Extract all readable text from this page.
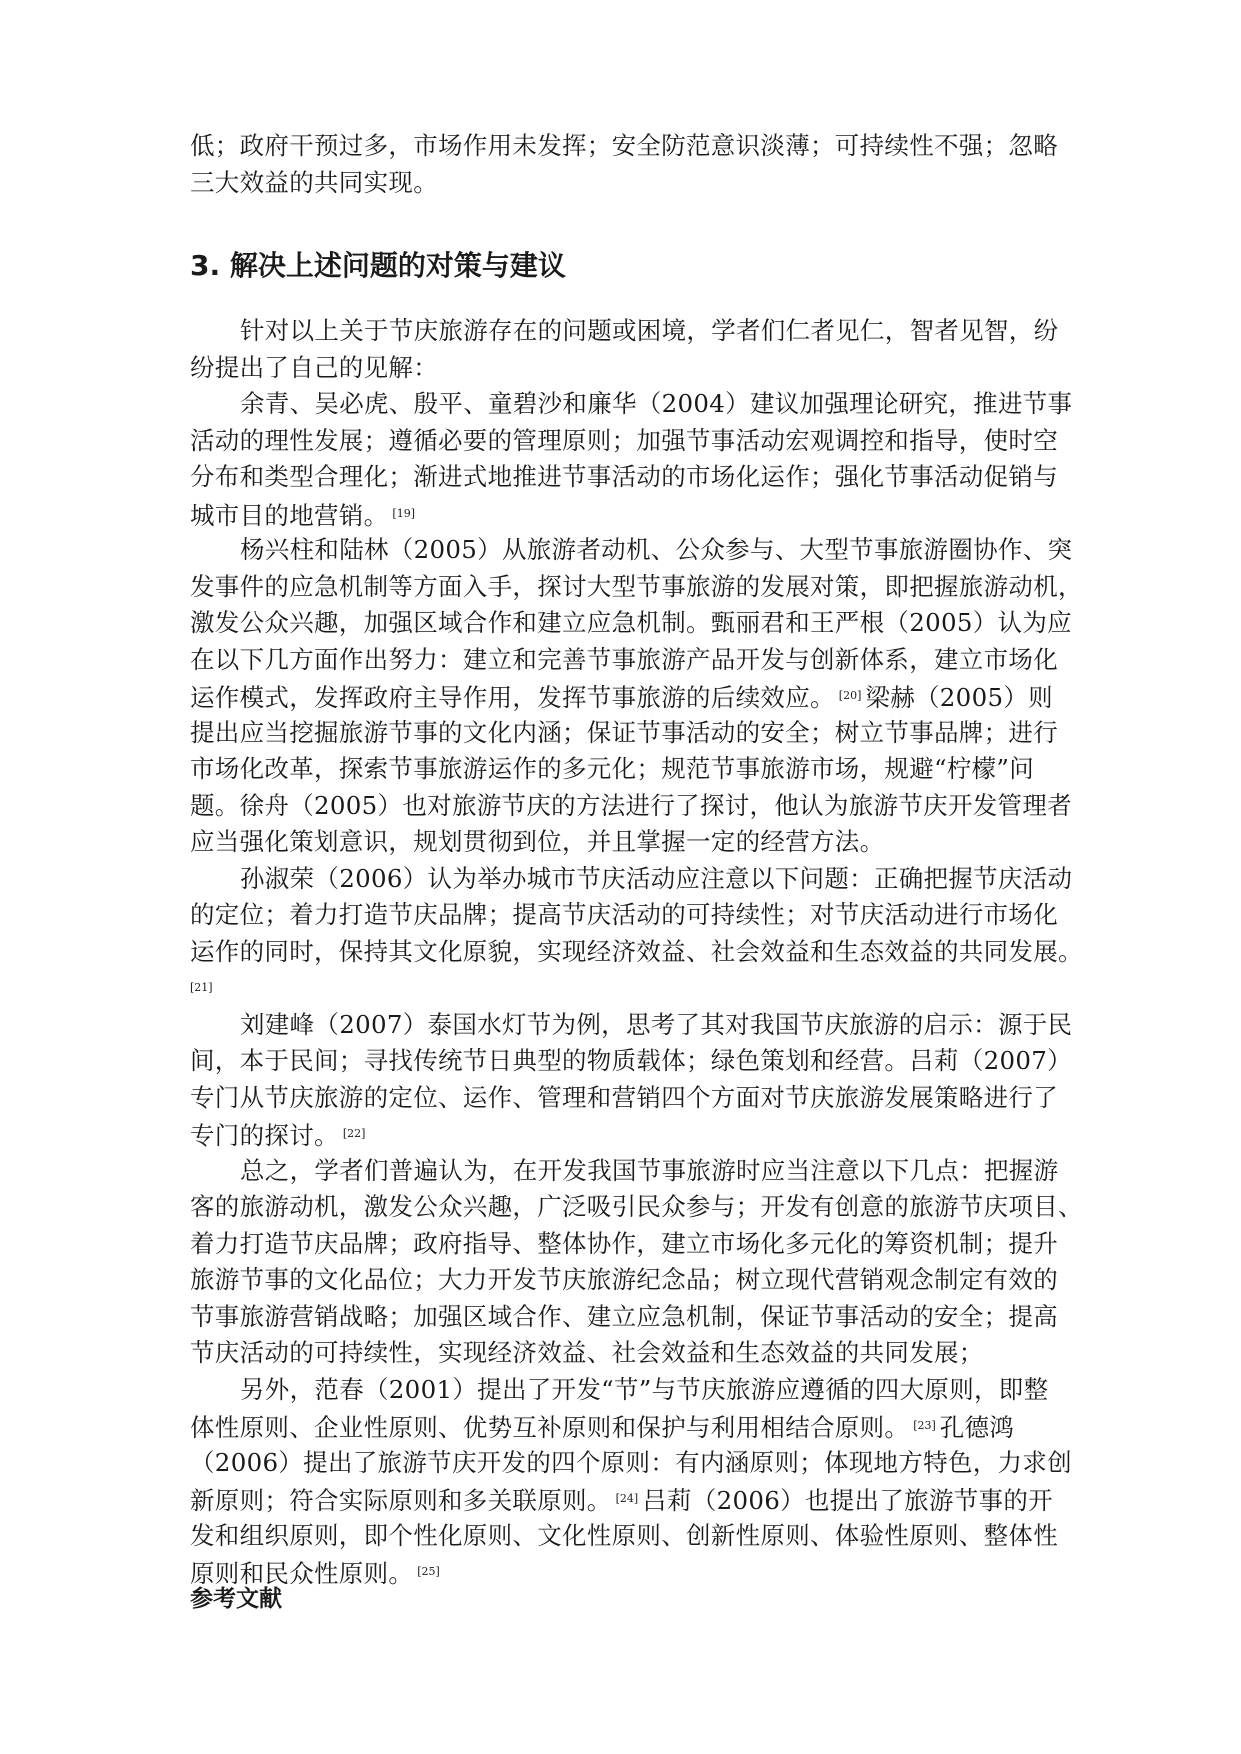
低；政府干预过多，市场作用未发挥；安全防范意识淡薄；可持续性不强；忽略
三大效益的共同实现。
3. 解决上述问题的对策与建议
针对以上关于节庆旅游存在的问题或困境，学者们仁者见仁，智者见智，纷
纷提出了自己的见解：
余青、吴必虎、殷平、童碧沙和廉华（2004）建议加强理论研究，推进节事
活动的理性发展；遵循必要的管理原则；加强节事活动宏观调控和指导，使时空
分布和类型合理化；渐进式地推进节事活动的市场化运作；强化节事活动促销与
城市目的地营销。 [19]
杨兴柱和陆林（2005）从旅游者动机、公众参与、大型节事旅游圈协作、突
发事件的应急机制等方面入手，探讨大型节事旅游的发展对策，即把握旅游动机，
激发公众兴趣，加强区域合作和建立应急机制。甄丽君和王严根（2005）认为应
在以下几方面作出努力：建立和完善节事旅游产品开发与创新体系，建立市场化
运作模式，发挥政府主导作用，发挥节事旅游的后续效应。 [20] 梁赫（2005）则
提出应当挖掘旅游节事的文化内涵；保证节事活动的安全；树立节事品牌；进行
市场化改革，探索节事旅游运作的多元化；规范节事旅游市场，规避“柠檬”问
题。徐舟（2005）也对旅游节庆的方法进行了探讨，他认为旅游节庆开发管理者
应当强化策划意识，规划贯彻到位，并且掌握一定的经营方法。
孙淑荣（2006）认为举办城市节庆活动应注意以下问题：正确把握节庆活动
的定位；着力打造节庆品牌；提高节庆活动的可持续性；对节庆活动进行市场化
运作的同时，保持其文化原貌，实现经济效益、社会效益和生态效益的共同发展。
[21]
刘建峰（2007）泰国水灯节为例，思考了其对我国节庆旅游的启示：源于民
间，本于民间；寻找传统节日典型的物质载体；绿色策划和经营。吕莉（2007）
专门从节庆旅游的定位、运作、管理和营销四个方面对节庆旅游发展策略进行了
专门的探讨。 [22]
总之，学者们普遍认为，在开发我国节事旅游时应当注意以下几点：把握游
客的旅游动机，激发公众兴趣，广泛吸引民众参与；开发有创意的旅游节庆项目、
着力打造节庆品牌；政府指导、整体协作，建立市场化多元化的筹资机制；提升
旅游节事的文化品位；大力开发节庆旅游纪念品；树立现代营销观念制定有效的
节事旅游营销战略；加强区域合作、建立应急机制，保证节事活动的安全；提高
节庆活动的可持续性，实现经济效益、社会效益和生态效益的共同发展；
另外，范春（2001）提出了开发“节”与节庆旅游应遵循的四大原则，即整
体性原则、企业性原则、优势互补原则和保护与利用相结合原则。 [23] 孔德鸿
（2006）提出了旅游节庆开发的四个原则：有内涵原则；体现地方特色，力求创
新原则；符合实际原则和多关联原则。 [24] 吕莉（2006）也提出了旅游节事的开
发和组织原则，即个性化原则、文化性原则、创新性原则、体验性原则、整体性
原则和民众性原则。 [25]
参考文献
